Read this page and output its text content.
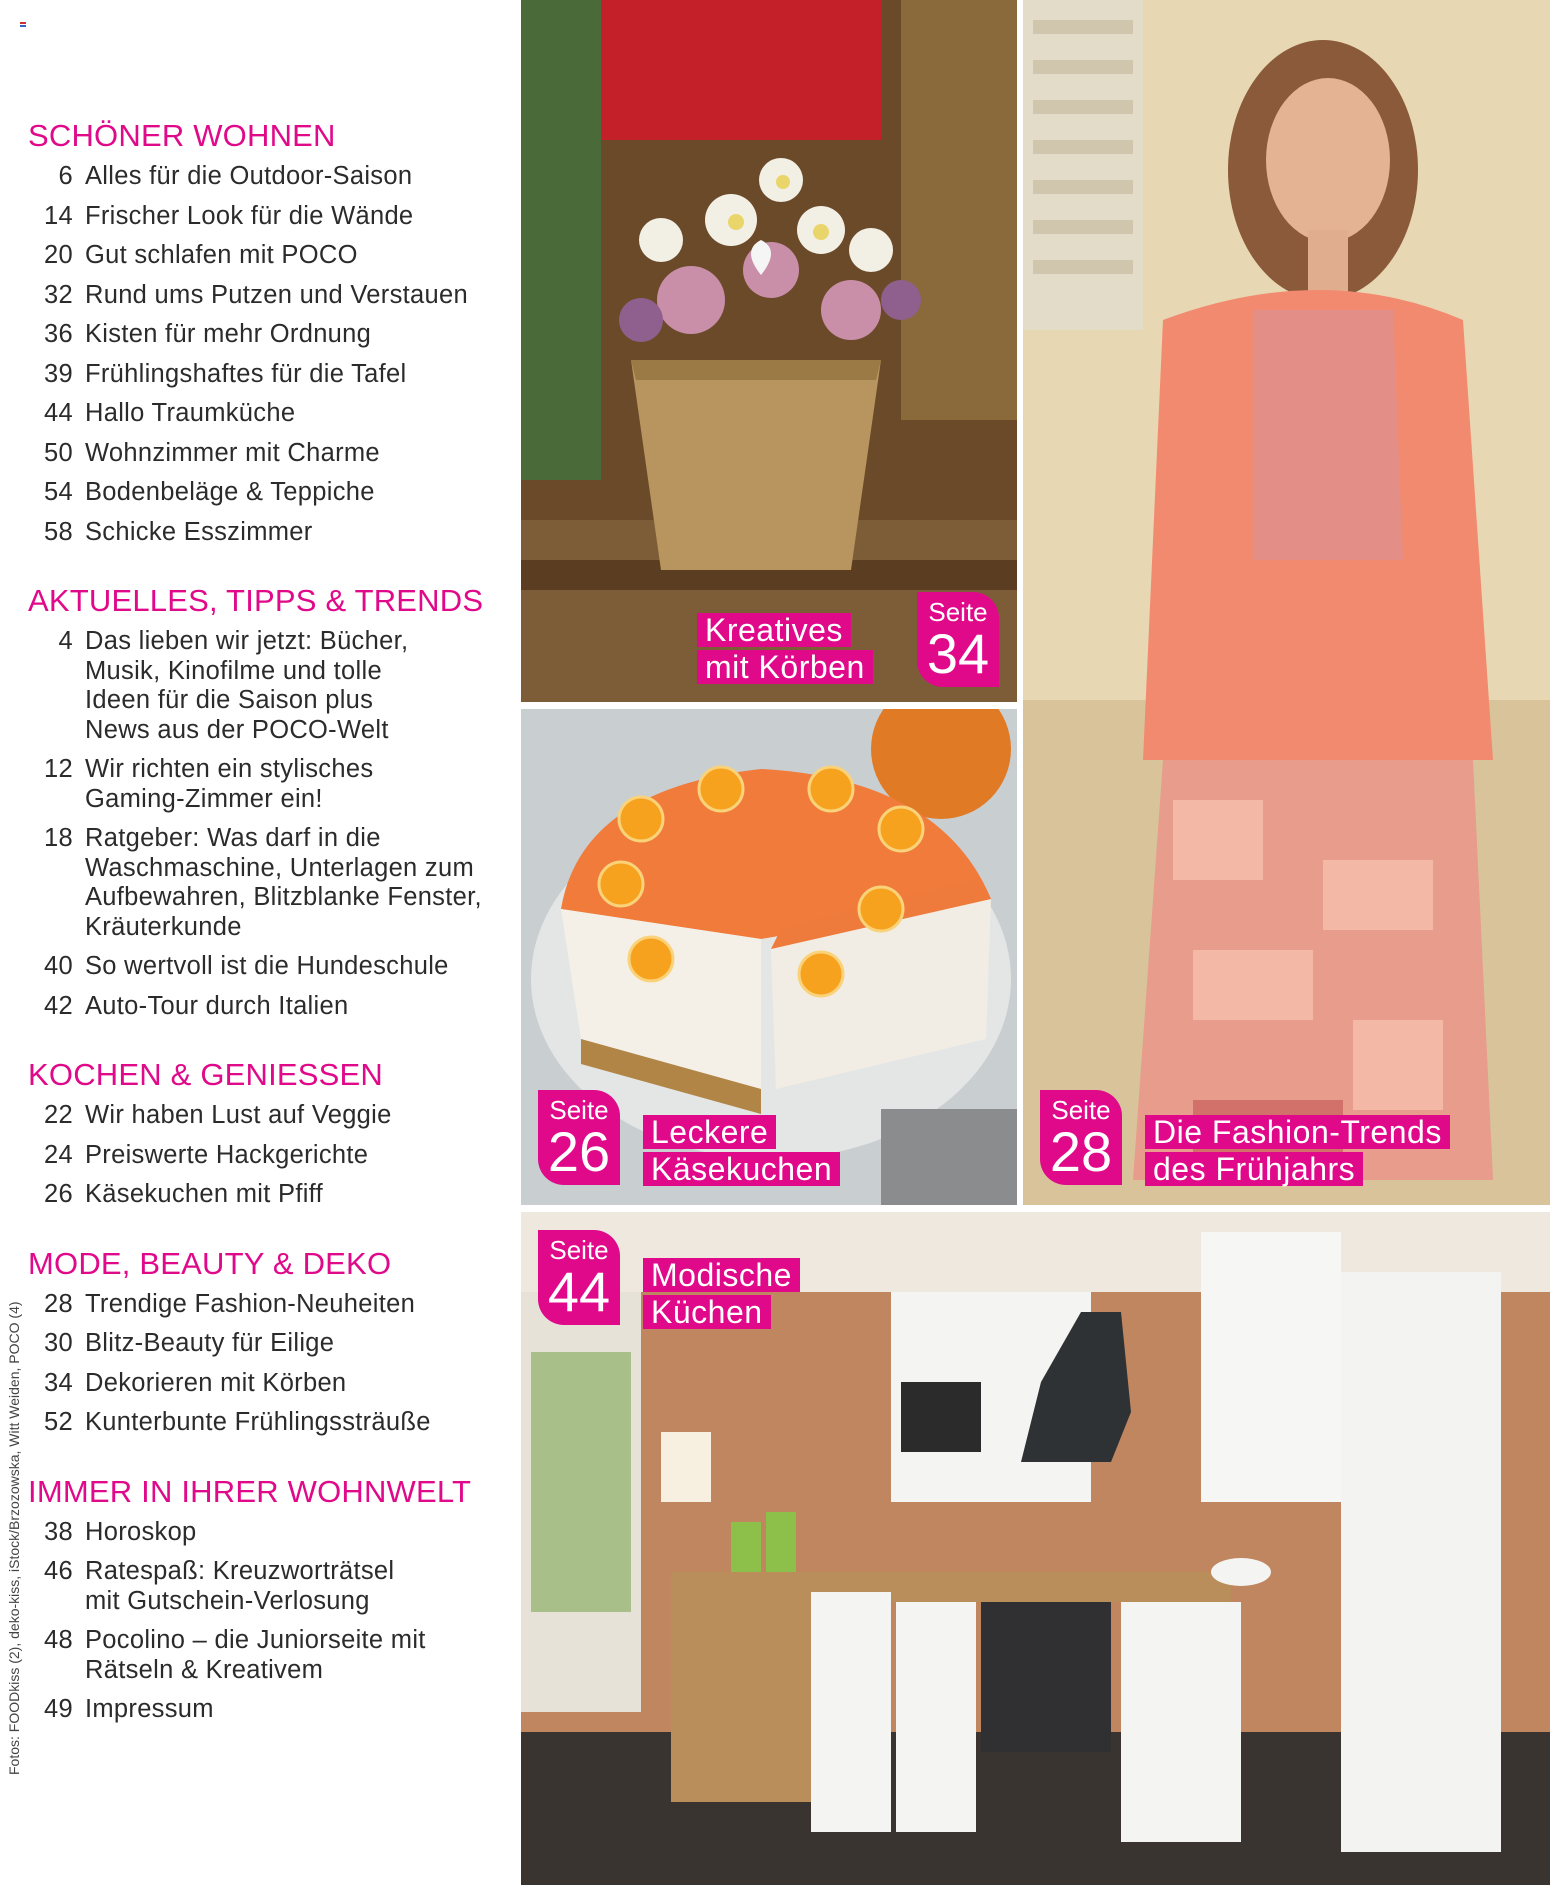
Fotos: FOODkiss (2), deko-kiss, iStock/Brzozowska, Witt Weiden, POCO (4)
SCHÖNER WOHNEN
6 Alles für die Outdoor-Saison
14 Frischer Look für die Wände
20 Gut schlafen mit POCO
32 Rund ums Putzen und Verstauen
36 Kisten für mehr Ordnung
39 Frühlingshaftes für die Tafel
44 Hallo Traumküche
50 Wohnzimmer mit Charme
54 Bodenbeläge & Teppiche
58 Schicke Esszimmer
AKTUELLES, TIPPS & TRENDS
4 Das lieben wir jetzt: Bücher, Musik, Kinofilme und tolle Ideen für die Saison plus News aus der POCO-Welt
12 Wir richten ein stylisches Gaming-Zimmer ein!
18 Ratgeber: Was darf in die Waschmaschine, Unterlagen zum Aufbewahren, Blitzblanke Fenster, Kräuterkunde
40 So wertvoll ist die Hundeschule
42 Auto-Tour durch Italien
KOCHEN & GENIESSEN
22 Wir haben Lust auf Veggie
24 Preiswerte Hackgerichte
26 Käsekuchen mit Pfiff
MODE, BEAUTY & DEKO
28 Trendige Fashion-Neuheiten
30 Blitz-Beauty für Eilige
34 Dekorieren mit Körben
52 Kunterbunte Frühlingssträuße
IMMER IN IHRER WOHNWELT
38 Horoskop
46 Ratespaß: Kreuzworträtsel mit Gutschein-Verlosung
48 Pocolino – die Juniorseite mit Rätseln & Kreativem
49 Impressum
Kreatives
mit Körben
Seite
34
Seite
26	Leckere
Käsekuchen
Seite
28	Die Fashion-Trends
des Frühjahrs
Seite
44	Modische
Küchen
